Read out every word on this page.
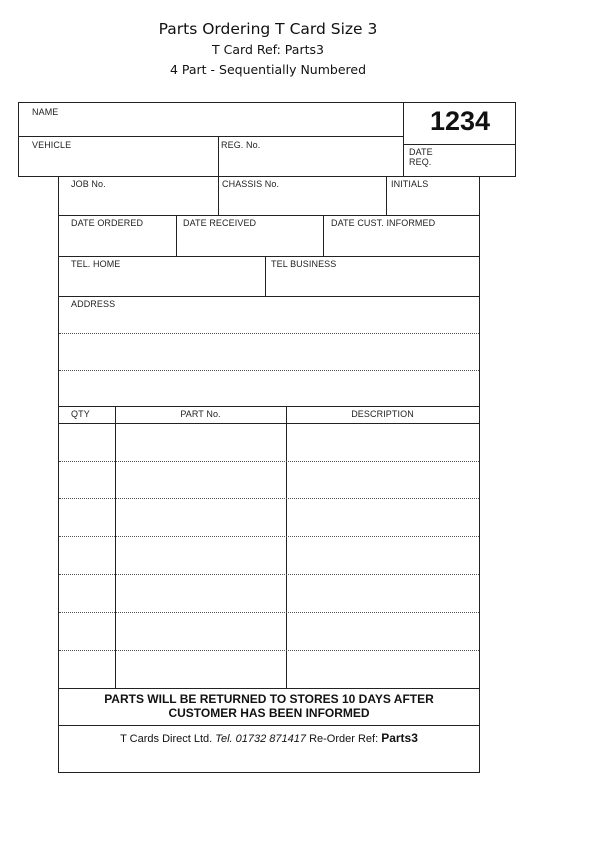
Parts Ordering T Card Size 3
T Card Ref: Parts3
4 Part - Sequentially Numbered
NAME
VEHICLE	REG. No.
DATE
REQ.
1234
JOB No.	CHASSIS No.	INITIALS
DATE ORDERED	DATE RECEIVED	DATE CUST. INFORMED
TEL. HOME	TEL BUSINESS
ADDRESS
QTY	PART No.	DESCRIPTION
PARTS WILL BE RETURNED TO STORES 10 DAYS AFTER
CUSTOMER HAS BEEN INFORMED
T Cards Direct Ltd. Tel. 01732 871417 Re-Order Ref: Parts3
